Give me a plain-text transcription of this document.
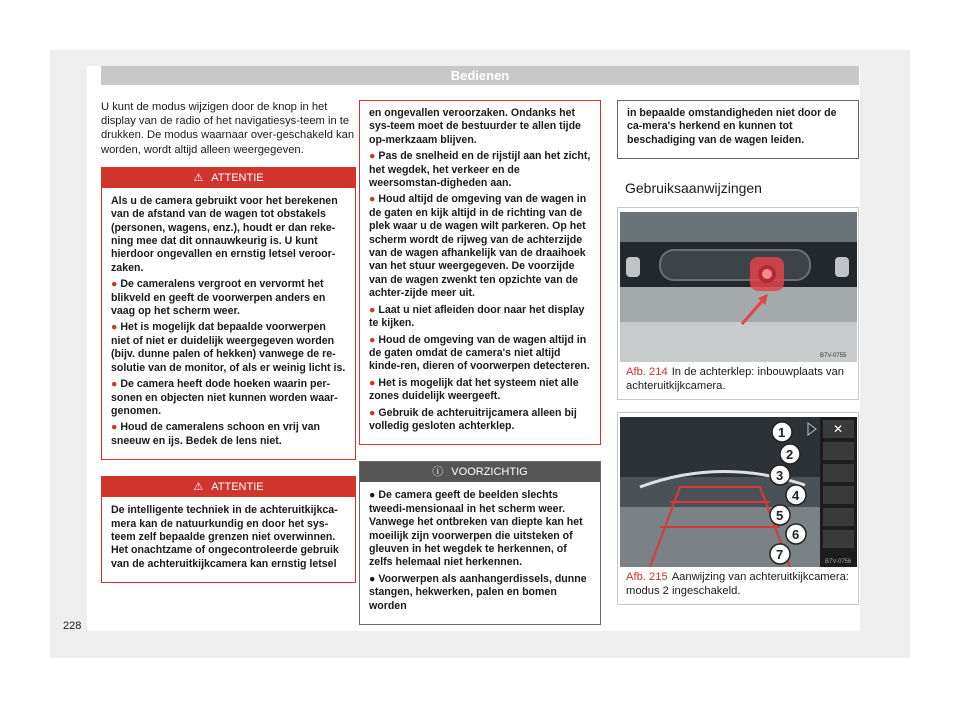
Bedienen

U kunt de modus wijzigen door de knop in het display van de radio of het navigatiesys-teem in te drukken. De modus waarnaar over-geschakeld kan worden, wordt altijd alleen weergegeven.

⚠ ATTENTIE

Als u de camera gebruikt voor het berekenen van de afstand van de wagen tot obstakels (personen, wagens, enz.), houdt er dan reke-ning mee dat dit onnauwkeurig is. U kunt hierdoor ongevallen en ernstig letsel veroor-zaken.

● De cameralens vergroot en vervormt het blikveld en geeft de voorwerpen anders en vaag op het scherm weer.

● Het is mogelijk dat bepaalde voorwerpen niet of niet er duidelijk weergegeven worden (bijv. dunne palen of hekken) vanwege de re-solutie van de monitor, of als er weinig licht is.

● De camera heeft dode hoeken waarin per-sonen en objecten niet kunnen worden waar-genomen.

● Houd de cameralens schoon en vrij van sneeuw en ijs. Bedek de lens niet.

⚠ ATTENTIE

De intelligente techniek in de achteruitkijkca-mera kan de natuurkundig en door het sys-teem zelf bepaalde grenzen niet overwinnen. Het onachtzame of ongecontroleerde gebruik van de achteruitkijkcamera kan ernstig letsel

en ongevallen veroorzaken. Ondanks het sys-teem moet de bestuurder te allen tijde op-merkzaam blijven.

● Pas de snelheid en de rijstijl aan het zicht, het wegdek, het verkeer en de weersomstan-digheden aan.

● Houd altijd de omgeving van de wagen in de gaten en kijk altijd in de richting van de plek waar u de wagen wilt parkeren. Op het scherm wordt de rijweg van de achterzijde van de wagen afhankelijk van de draaihoek van het stuur weergegeven. De voorzijde van de wagen zwenkt ten opzichte van de achter-zijde meer uit.

● Laat u niet afleiden door naar het display te kijken.

● Houd de omgeving van de wagen altijd in de gaten omdat de camera's niet altijd kinde-ren, dieren of voorwerpen detecteren.

● Het is mogelijk dat het systeem niet alle zones duidelijk weergeeft.

● Gebruik de achteruitrijcamera alleen bij volledig gesloten achterklep.

ⓘ VOORZICHTIG

● De camera geeft de beelden slechts tweedi-mensionaal in het scherm weer. Vanwege het ontbreken van diepte kan het moeilijk zijn voorwerpen die uitsteken of gleuven in het wegdek te herkennen, of zelfs helemaal niet herkennen.

● Voorwerpen als aanhangerdissels, dunne stangen, hekwerken, palen en bomen worden

in bepaalde omstandigheden niet door de ca-mera's herkend en kunnen tot beschadiging van de wagen leiden.

Gebruiksaanwijzingen
B7V-0755
Afb. 214 In de achterklep: inbouwplaats van achteruitkijkcamera.
✕
1
2
3
4
5
6
7	B7V-0756
Afb. 215 Aanwijzing van achteruitkijkcamera: modus 2 ingeschakeld.
228
